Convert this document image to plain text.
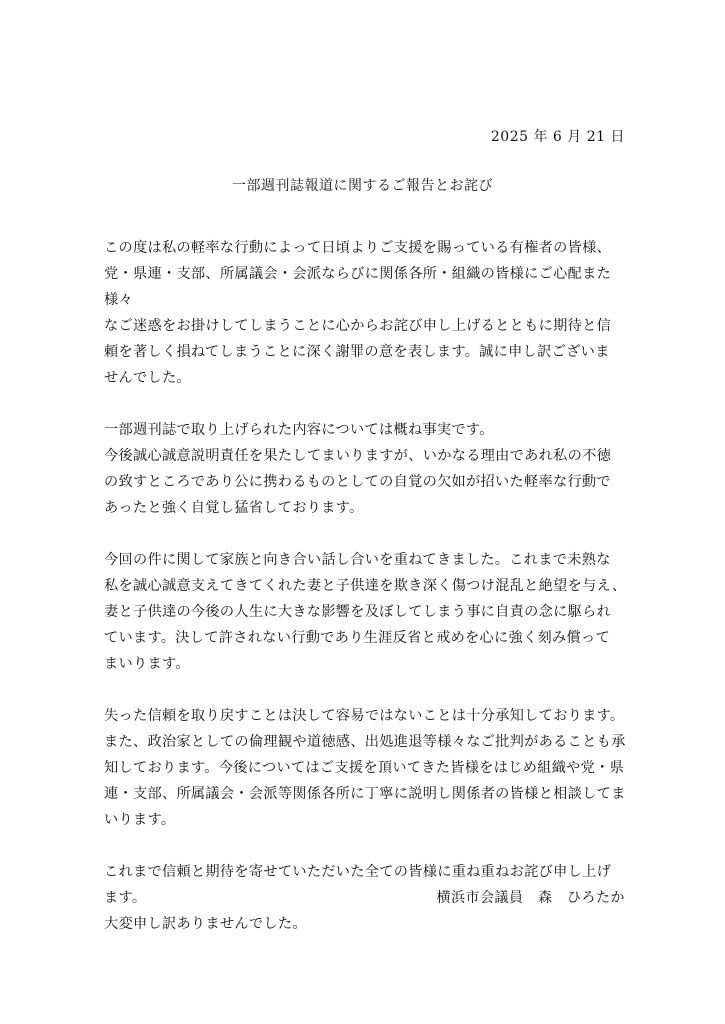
2025 年 6 月 21 日
一部週刊誌報道に関するご報告とお詫び

この度は私の軽率な行動によって日頃よりご支援を賜っている有権者の皆様、
党・県連・支部、所属議会・会派ならびに関係各所・組織の皆様にご心配また様々
なご迷惑をお掛けしてしまうことに心からお詫び申し上げるとともに期待と信
頼を著しく損ねてしまうことに深く謝罪の意を表します。誠に申し訳ございま
せんでした。

一部週刊誌で取り上げられた内容については概ね事実です。
今後誠心誠意説明責任を果たしてまいりますが、いかなる理由であれ私の不徳
の致すところであり公に携わるものとしての自覚の欠如が招いた軽率な行動で
あったと強く自覚し猛省しております。

今回の件に関して家族と向き合い話し合いを重ねてきました。これまで未熟な
私を誠心誠意支えてきてくれた妻と子供達を欺き深く傷つけ混乱と絶望を与え、
妻と子供達の今後の人生に大きな影響を及ぼしてしまう事に自責の念に駆られ
ています。決して許されない行動であり生涯反省と戒めを心に強く刻み償って
まいります。

失った信頼を取り戻すことは決して容易ではないことは十分承知しております。
また、政治家としての倫理観や道徳感、出処進退等様々なご批判があることも承
知しております。今後についてはご支援を頂いてきた皆様をはじめ組織や党・県
連・支部、所属議会・会派等関係各所に丁寧に説明し関係者の皆様と相談してま
いります。

これまで信頼と期待を寄せていただいた全ての皆様に重ね重ねお詫び申し上げ
ます。
大変申し訳ありませんでした。

横浜市会議員　森　ひろたか
